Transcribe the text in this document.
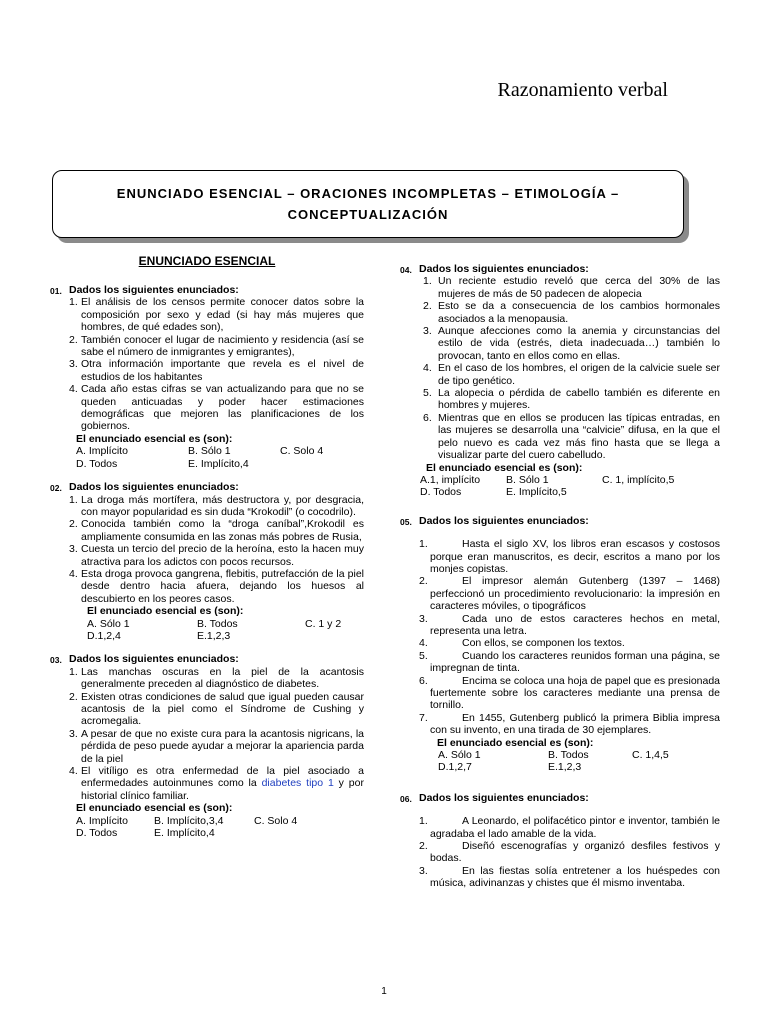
Razonamiento verbal
ENUNCIADO ESENCIAL – ORACIONES INCOMPLETAS – ETIMOLOGÍA –
CONCEPTUALIZACIÓN
ENUNCIADO ESENCIAL
01. Dados los siguientes enunciados:
1. El análisis de los censos permite conocer datos sobre la composición por sexo y edad (si hay más mujeres que hombres, de qué edades son),
2. También conocer el lugar de nacimiento y residencia (así se sabe el número de inmigrantes y emigrantes),
3. Otra información importante que revela es el nivel de estudios de los habitantes
4. Cada año estas cifras se van actualizando para que no se queden anticuadas y poder hacer estimaciones demográficas que mejoren las planificaciones de los gobiernos.
El enunciado esencial es (son):
A. Implícito	B. Sólo 1	C. Solo 4
D. Todos	E. Implícito,4
02. Dados los siguientes enunciados:
1. La droga más mortífera, más destructora y, por desgracia, con mayor popularidad es sin duda “Krokodil” (o cocodrilo).
2. Conocida también como la “droga caníbal”,Krokodil es ampliamente consumida en las zonas más pobres de Rusia,
3. Cuesta un tercio del precio de la heroína, esto la hacen muy atractiva para los adictos con pocos recursos.
4. Esta droga provoca gangrena, flebitis, putrefacción de la piel desde dentro hacia afuera, dejando los huesos al descubierto en los peores casos.
El enunciado esencial es (son):
A. Sólo 1	B. Todos	C. 1 y 2
D.1,2,4	E.1,2,3
03. Dados los siguientes enunciados:
1. Las manchas oscuras en la piel de la acantosis generalmente preceden al diagnóstico de diabetes.
2. Existen otras condiciones de salud que igual pueden causar acantosis de la piel como el Síndrome de Cushing y acromegalia.
3. A pesar de que no existe cura para la acantosis nigricans, la pérdida de peso puede ayudar a mejorar la apariencia parda de la piel
4. El vitíligo es otra enfermedad de la piel asociado a enfermedades autoinmunes como la diabetes tipo 1 y por historial clínico familiar.
El enunciado esencial es (son):
A. Implícito	B. Implícito,3,4	C. Solo 4
D. Todos	E. Implícito,4
04. Dados los siguientes enunciados:
1. Un reciente estudio reveló que cerca del 30% de las mujeres de más de 50 padecen de alopecia
2. Esto se da a consecuencia de los cambios hormonales asociados a la menopausia.
3. Aunque afecciones como la anemia y circunstancias del estilo de vida (estrés, dieta inadecuada…) también lo provocan, tanto en ellos como en ellas.
4. En el caso de los hombres, el origen de la calvicie suele ser de tipo genético.
5. La alopecia o pérdida de cabello también es diferente en hombres y mujeres.
6. Mientras que en ellos se producen las típicas entradas, en las mujeres se desarrolla una “calvicie” difusa, en la que el pelo nuevo es cada vez más fino hasta que se llega a visualizar parte del cuero cabelludo.
El enunciado esencial es (son):
A.1, implícito	B. Sólo 1	C. 1, implícito,5
D. Todos	E. Implícito,5
05. Dados los siguientes enunciados:
1.	Hasta el siglo XV, los libros eran escasos y costosos porque eran manuscritos, es decir, escritos a mano por los monjes copistas.
2.	El impresor alemán Gutenberg (1397 – 1468) perfeccionó un procedimiento revolucionario: la impresión en caracteres móviles, o tipográficos
3.	Cada uno de estos caracteres hechos en metal, representa una letra.
4.	Con ellos, se componen los textos.
5.	Cuando los caracteres reunidos forman una página, se impregnan de tinta.
6.	Encima se coloca una hoja de papel que es presionada fuertemente sobre los caracteres mediante una prensa de tornillo.
7.	En 1455, Gutenberg publicó la primera Biblia impresa con su invento, en una tirada de 30 ejemplares.
El enunciado esencial es (son):
A. Sólo 1	B. Todos	C. 1,4,5
D.1,2,7	E.1,2,3
06. Dados los siguientes enunciados:
1.	A Leonardo, el polifacético pintor e inventor, también le agradaba el lado amable de la vida.
2.	Diseñó escenografías y organizó desfiles festivos y bodas.
3.	En las fiestas solía entretener a los huéspedes con música, adivinanzas y chistes que él mismo inventaba.
1
